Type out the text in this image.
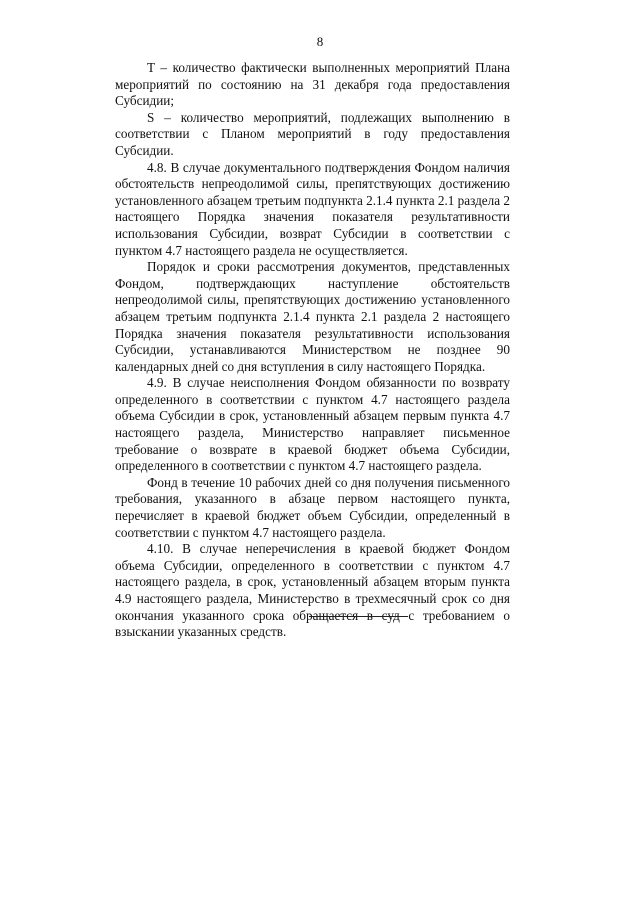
8

T – количество фактически выполненных мероприятий Плана мероприятий по состоянию на 31 декабря года предоставления Субсидии;

S – количество мероприятий, подлежащих выполнению в соответствии с Планом мероприятий в году предоставления Субсидии.

4.8. В случае документального подтверждения Фондом наличия обстоятельств непреодолимой силы, препятствующих достижению установленного абзацем третьим подпункта 2.1.4 пункта 2.1 раздела 2 настоящего Порядка значения показателя результативности использования Субсидии, возврат Субсидии в соответствии с пунктом 4.7 настоящего раздела не осуществляется.

Порядок и сроки рассмотрения документов, представленных Фондом, подтверждающих наступление обстоятельств непреодолимой силы, препятствующих достижению установленного абзацем третьим подпункта 2.1.4 пункта 2.1 раздела 2 настоящего Порядка значения показателя результативности использования Субсидии, устанавливаются Министерством не позднее 90 календарных дней со дня вступления в силу настоящего Порядка.

4.9. В случае неисполнения Фондом обязанности по возврату определенного в соответствии с пунктом 4.7 настоящего раздела объема Субсидии в срок, установленный абзацем первым пункта 4.7 настоящего раздела, Министерство направляет письменное требование о возврате в краевой бюджет объема Субсидии, определенного в соответствии с пунктом 4.7 настоящего раздела.

Фонд в течение 10 рабочих дней со дня получения письменного требования, указанного в абзаце первом настоящего пункта, перечисляет в краевой бюджет объем Субсидии, определенный в соответствии с пунктом 4.7 настоящего раздела.

4.10. В случае неперечисления в краевой бюджет Фондом объема Субсидии, определенного в соответствии с пунктом 4.7 настоящего раздела, в срок, установленный абзацем вторым пункта 4.9 настоящего раздела, Министерство в трехмесячный срок со дня окончания указанного срока обращается в суд с требованием о взыскании указанных средств.
